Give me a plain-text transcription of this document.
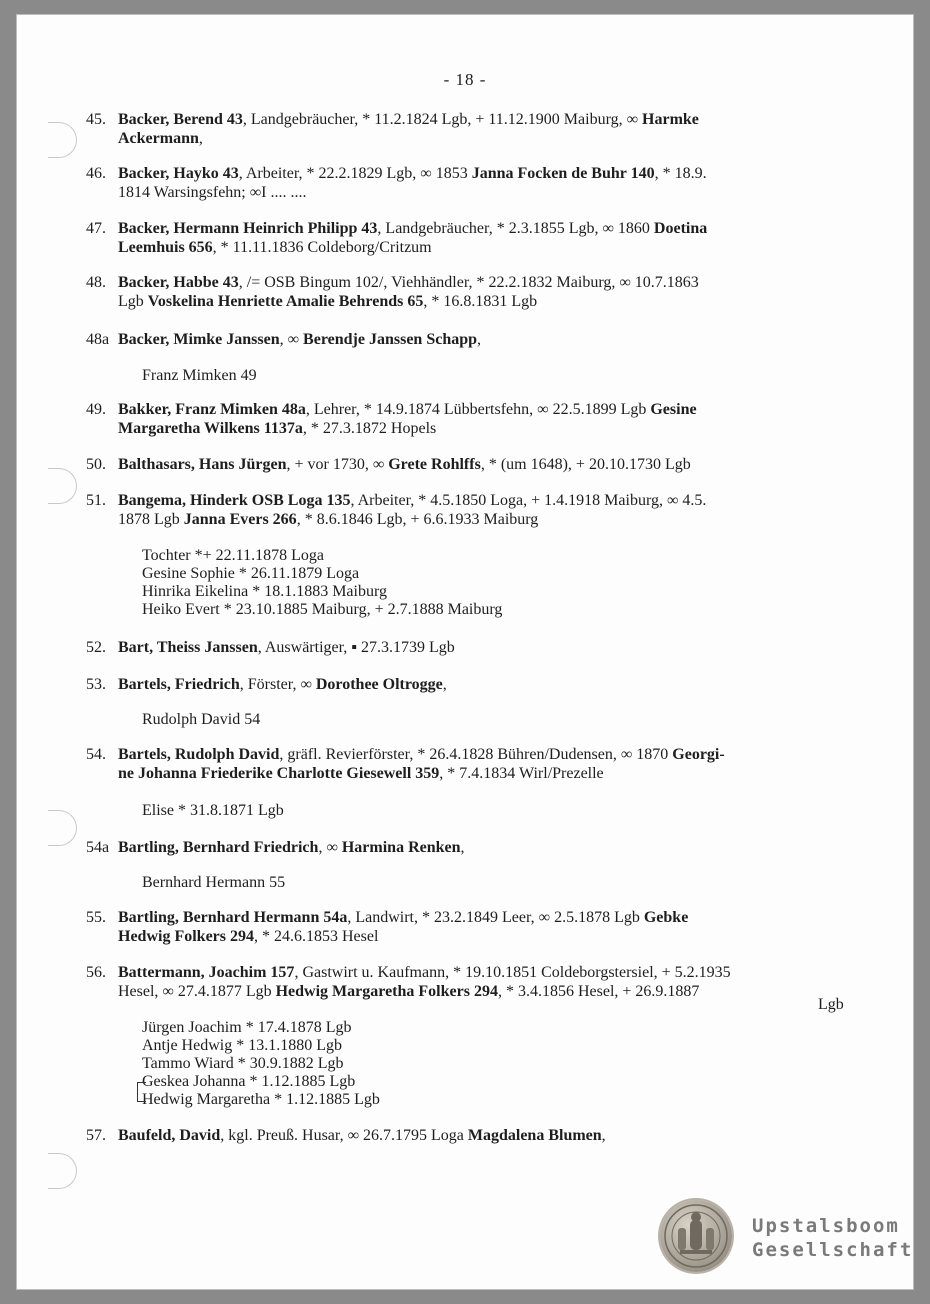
- 18 -
45. Backer, Berend 43, Landgebräucher, * 11.2.1824 Lgb, + 11.12.1900 Maiburg, ∞ Harmke
Ackermann,
46. Backer, Hayko 43, Arbeiter, * 22.2.1829 Lgb, ∞ 1853 Janna Focken de Buhr 140, * 18.9.
1814 Warsingsfehn; ∞I .... ....
47. Backer, Hermann Heinrich Philipp 43, Landgebräucher, * 2.3.1855 Lgb, ∞ 1860 Doetina
Leemhuis 656, * 11.11.1836 Coldeborg/Critzum
48. Backer, Habbe 43, /= OSB Bingum 102/, Viehhändler, * 22.2.1832 Maiburg, ∞ 10.7.1863
Lgb Voskelina Henriette Amalie Behrends 65, * 16.8.1831 Lgb
48a Backer, Mimke Janssen, ∞ Berendje Janssen Schapp,
Franz Mimken 49
49. Bakker, Franz Mimken 48a, Lehrer, * 14.9.1874 Lübbertsfehn, ∞ 22.5.1899 Lgb Gesine
Margaretha Wilkens 1137a, * 27.3.1872 Hopels
50. Balthasars, Hans Jürgen, + vor 1730, ∞ Grete Rohlffs, * (um 1648), + 20.10.1730 Lgb
51. Bangema, Hinderk OSB Loga 135, Arbeiter, * 4.5.1850 Loga, + 1.4.1918 Maiburg, ∞ 4.5.
1878 Lgb Janna Evers 266, * 8.6.1846 Lgb, + 6.6.1933 Maiburg
Tochter *+ 22.11.1878 Loga
Gesine Sophie * 26.11.1879 Loga
Hinrika Eikelina * 18.1.1883 Maiburg
Heiko Evert * 23.10.1885 Maiburg, + 2.7.1888 Maiburg
52. Bart, Theiss Janssen, Auswärtiger, ▪ 27.3.1739 Lgb
53. Bartels, Friedrich, Förster, ∞ Dorothee Oltrogge,
Rudolph David 54
54. Bartels, Rudolph David, gräfl. Revierförster, * 26.4.1828 Bühren/Dudensen, ∞ 1870 Georgi-
ne Johanna Friederike Charlotte Giesewell 359, * 7.4.1834 Wirl/Prezelle
Elise * 31.8.1871 Lgb
54a Bartling, Bernhard Friedrich, ∞ Harmina Renken,
Bernhard Hermann 55
55. Bartling, Bernhard Hermann 54a, Landwirt, * 23.2.1849 Leer, ∞ 2.5.1878 Lgb Gebke
Hedwig Folkers 294, * 24.6.1853 Hesel
56. Battermann, Joachim 157, Gastwirt u. Kaufmann, * 19.10.1851 Coldeborgstersiel, + 5.2.1935
Hesel, ∞ 27.4.1877 Lgb Hedwig Margaretha Folkers 294, * 3.4.1856 Hesel, + 26.9.1887
Lgb
Jürgen Joachim * 17.4.1878 Lgb
Antje Hedwig * 13.1.1880 Lgb
Tammo Wiard * 30.9.1882 Lgb
Geskea Johanna * 1.12.1885 Lgb
Hedwig Margaretha * 1.12.1885 Lgb
57. Baufeld, David, kgl. Preuß. Husar, ∞ 26.7.1795 Loga Magdalena Blumen,
Upstalsboom
Gesellschaft
